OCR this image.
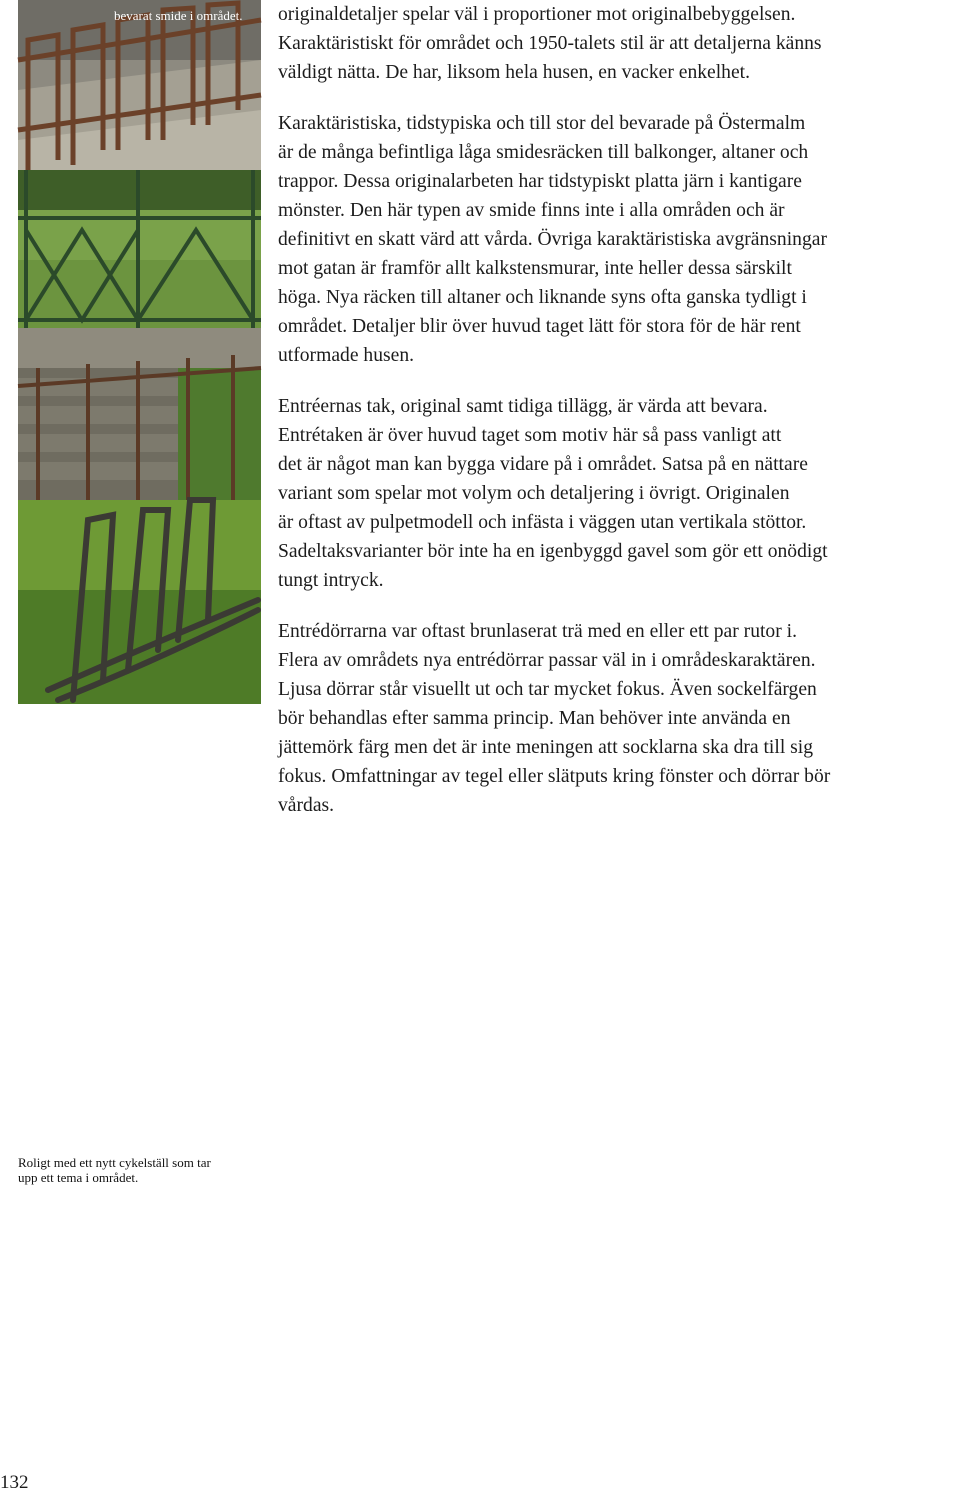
bevarat smide i området.
Roligt med ett nytt cykelställ som tar
upp ett tema i området.
originaldetaljer spelar väl i proportioner mot originalbebyggelsen.
Karaktäristiskt för området och 1950-talets stil är att detaljerna känns
väldigt nätta. De har, liksom hela husen, en vacker enkelhet.
Karaktäristiska, tidstypiska och till stor del bevarade på Östermalm
är de många befintliga låga smidesräcken till balkonger, altaner och
trappor. Dessa originalarbeten har tidstypiskt platta järn i kantigare
mönster. Den här typen av smide finns inte i alla områden och är
definitivt en skatt värd att vårda. Övriga karaktäristiska avgränsningar
mot gatan är framför allt kalkstensmurar, inte heller dessa särskilt
höga. Nya räcken till altaner och liknande syns ofta ganska tydligt i
området. Detaljer blir över huvud taget lätt för stora för de här rent
utformade husen.
Entréernas tak, original samt tidiga tillägg, är värda att bevara.
Entrétaken är över huvud taget som motiv här så pass vanligt att
det är något man kan bygga vidare på i området. Satsa på en nättare
variant som spelar mot volym och detaljering i övrigt. Originalen
är oftast av pulpetmodell och infästa i väggen utan vertikala stöttor.
Sadeltaksvarianter bör inte ha en igenbyggd gavel som gör ett onödigt
tungt intryck.
Entrédörrarna var oftast brunlaserat trä med en eller ett par rutor i.
Flera av områdets nya entrédörrar passar väl in i områdeskaraktären.
Ljusa dörrar står visuellt ut och tar mycket fokus. Även sockelfärgen
bör behandlas efter samma princip. Man behöver inte använda en
jättemörk färg men det är inte meningen att socklarna ska dra till sig
fokus. Omfattningar av tegel eller slätputs kring fönster och dörrar bör
vårdas.
132
